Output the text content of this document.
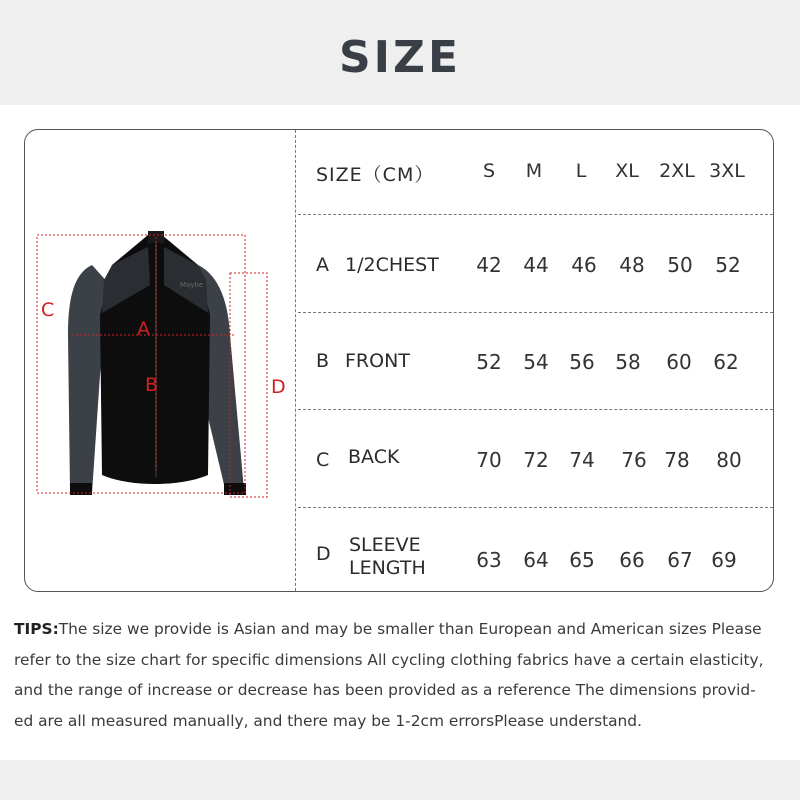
SIZE
Maybe
C
A
B	D
SIZE（CM）	S	M	L	XL	2XL 3XL
A 1/2CHEST	42	44	46	48	50	52
B FRONT	52	54	56	58	60	62
C BACK	70	72	74	76 78	80
D SLEEVE
LENGTH	63	64	65	66	67 69
TIPS:The size we provide is Asian and may be smaller than European and American sizes Please
refer to the size chart for specific dimensions All cycling clothing fabrics have a certain elasticity,
and the range of increase or decrease has been provided as a reference The dimensions provid-
ed are all measured manually, and there may be 1-2cm errorsPlease understand.
